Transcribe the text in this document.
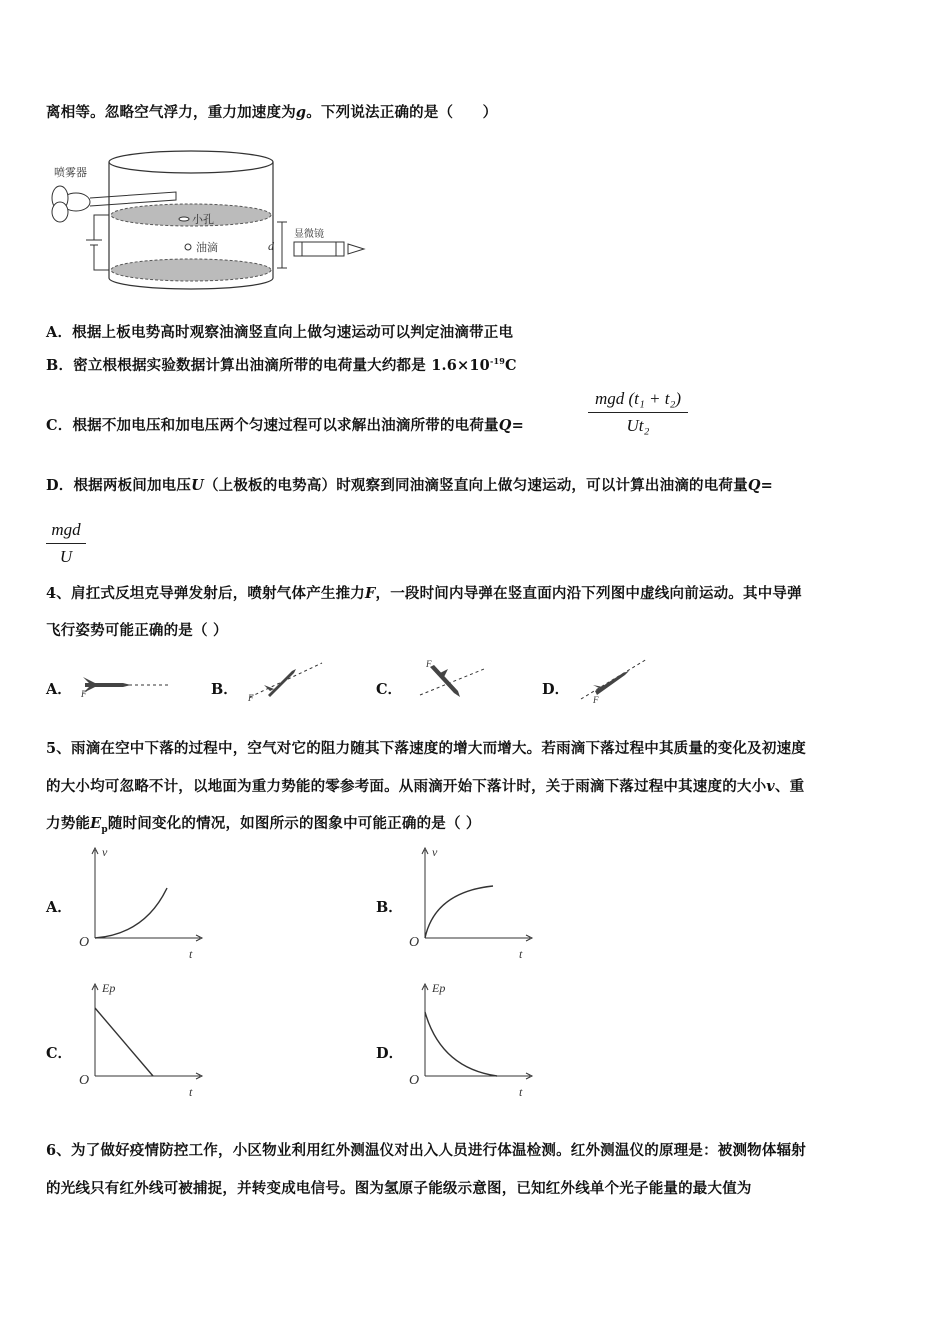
离相等。忽略空气浮力，重力加速度为g。下列说法正确的是（　　）
喷雾器
小孔
油滴	d
显微镜
A．根据上板电势高时观察油滴竖直向上做匀速运动可以判定油滴带正电
B．密立根根据实验数据计算出油滴所带的电荷量大约都是 $1.6\times 10^{-19}C$
C．根据不加电压和加电压两个匀速过程可以求解出油滴所带的电荷量Q=
mgd (t₁ + t₂)
Ut₂
D．根据两板间加电压U（上极板的电势高）时观察到同油滴竖直向上做匀速运动，可以计算出油滴的电荷量Q=
mgd
U
4、肩扛式反坦克导弹发射后，喷射气体产生推力F，一段时间内导弹在竖直面内沿下列图中虚线向前运动。其中导弹
飞行姿势可能正确的是（ ）
A． F	B． F	C．
F
D．
F
5、雨滴在空中下落的过程中，空气对它的阻力随其下落速度的增大而增大。若雨滴下落过程中其质量的变化及初速度
的大小均可忽略不计，以地面为重力势能的零参考面。从雨滴开始下落计时，关于雨滴下落过程中其速度的大小v、重
力势能$E_p$随时间变化的情况，如图所示的图象中可能正确的是（ ）
A．
v
O
t
B．
v
O
t
C．
Ep
O
t
D．
Ep
O
t
6、为了做好疫情防控工作，小区物业利用红外测温仪对出入人员进行体温检测。红外测温仪的原理是：被测物体辐射
的光线只有红外线可被捕捉，并转变成电信号。图为氢原子能级示意图，已知红外线单个光子能量的最大值为
